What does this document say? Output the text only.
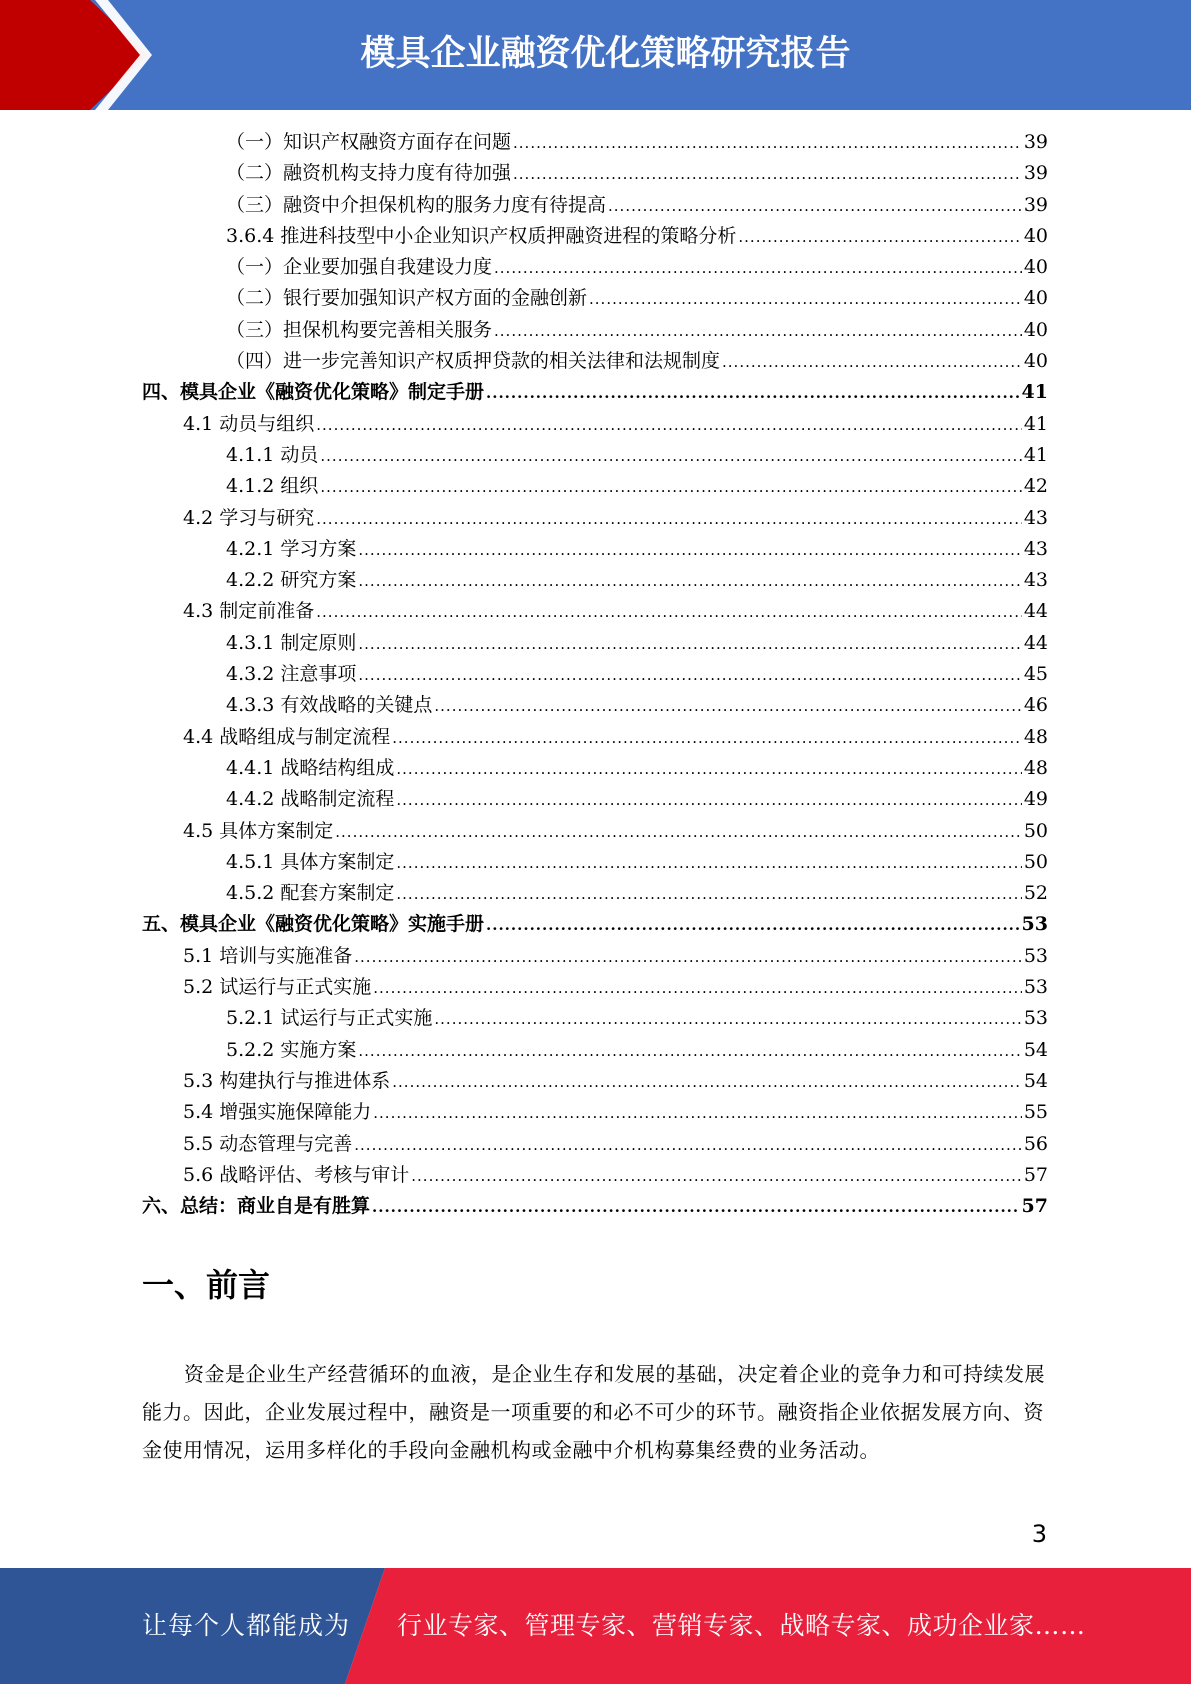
模具企业融资优化策略研究报告
（一）知识产权融资方面存在问题 .....	39
（二）融资机构支持力度有待加强 .....	39
（三）融资中介担保机构的服务力度有待提高 .....	39
3.6.4 推进科技型中小企业知识产权质押融资进程的策略分析 .....	40
（一）企业要加强自我建设力度 .....	40
（二）银行要加强知识产权方面的金融创新 .....	40
（三）担保机构要完善相关服务 .....	40
（四）进一步完善知识产权质押贷款的相关法律和法规制度 .....	40
四、模具企业《融资优化策略》制定手册 .....	41
4.1 动员与组织 .....	41
4.1.1 动员 .....	41
4.1.2 组织 .....	42
4.2 学习与研究 .....	43
4.2.1 学习方案 .....	43
4.2.2 研究方案 .....	43
4.3 制定前准备 .....	44
4.3.1 制定原则 .....	44
4.3.2 注意事项 .....	45
4.3.3 有效战略的关键点 .....	46
4.4 战略组成与制定流程 .....	48
4.4.1 战略结构组成 .....	48
4.4.2 战略制定流程 .....	49
4.5 具体方案制定 .....	50
4.5.1 具体方案制定 .....	50
4.5.2 配套方案制定 .....	52
五、模具企业《融资优化策略》实施手册 .....	53
5.1 培训与实施准备 .....	53
5.2 试运行与正式实施 .....	53
5.2.1 试运行与正式实施 .....	53
5.2.2 实施方案 .....	54
5.3 构建执行与推进体系 .....	54
5.4 增强实施保障能力 .....	55
5.5 动态管理与完善 .....	56
5.6 战略评估、考核与审计 .....	57
六、总结：商业自是有胜算 .....	57
一、前言

资金是企业生产经营循环的血液，是企业生存和发展的基础，决定着企业的竞争力和可持续发展能力。因此，企业发展过程中，融资是一项重要的和必不可少的环节。融资指企业依据发展方向、资金使用情况，运用多样化的手段向金融机构或金融中介机构募集经费的业务活动。

3
让每个人都能成为 行业专家、管理专家、营销专家、战略专家、成功企业家……
